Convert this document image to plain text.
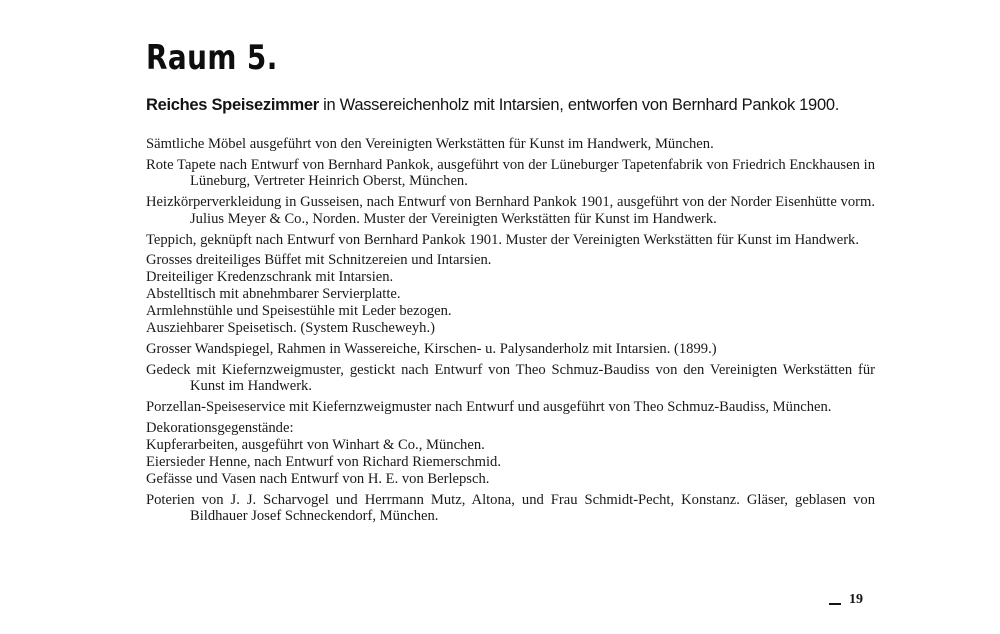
Raum 5.
Reiches Speisezimmer in Wassereichenholz mit Intarsien, entworfen von Bernhard Pankok 1900.

Sämtliche Möbel ausgeführt von den Vereinigten Werkstätten für Kunst im Handwerk, München.

Rote Tapete nach Entwurf von Bernhard Pankok, ausgeführt von der Lüneburger Tapetenfabrik von Friedrich Enckhausen in Lüneburg, Vertreter Heinrich Oberst, München.

Heizkörperverkleidung in Gusseisen, nach Entwurf von Bernhard Pankok 1901, ausgeführt von der Norder Eisenhütte vorm. Julius Meyer & Co., Norden. Muster der Vereinigten Werkstätten für Kunst im Handwerk.

Teppich, geknüpft nach Entwurf von Bernhard Pankok 1901. Muster der Vereinigten Werkstätten für Kunst im Handwerk.

Grosses dreiteiliges Büffet mit Schnitzereien und Intarsien.

Dreiteiliger Kredenzschrank mit Intarsien.

Abstelltisch mit abnehmbarer Servierplatte.

Armlehnstühle und Speisestühle mit Leder bezogen.

Ausziehbarer Speisetisch. (System Ruscheweyh.)

Grosser Wandspiegel, Rahmen in Wassereiche, Kirschen- u. Palysanderholz mit Intarsien. (1899.)

Gedeck mit Kiefernzweigmuster, gestickt nach Entwurf von Theo Schmuz-Baudiss von den Vereinigten Werkstätten für Kunst im Handwerk.

Porzellan-Speiseservice mit Kiefernzweigmuster nach Entwurf und ausgeführt von Theo Schmuz-Baudiss, München.

Dekorationsgegenstände:

Kupferarbeiten, ausgeführt von Winhart & Co., München.

Eiersieder Henne, nach Entwurf von Richard Riemerschmid.

Gefässe und Vasen nach Entwurf von H. E. von Berlepsch.

Poterien von J. J. Scharvogel und Herrmann Mutz, Altona, und Frau Schmidt-Pecht, Konstanz. Gläser, geblasen von Bildhauer Josef Schneckendorf, München.

19
